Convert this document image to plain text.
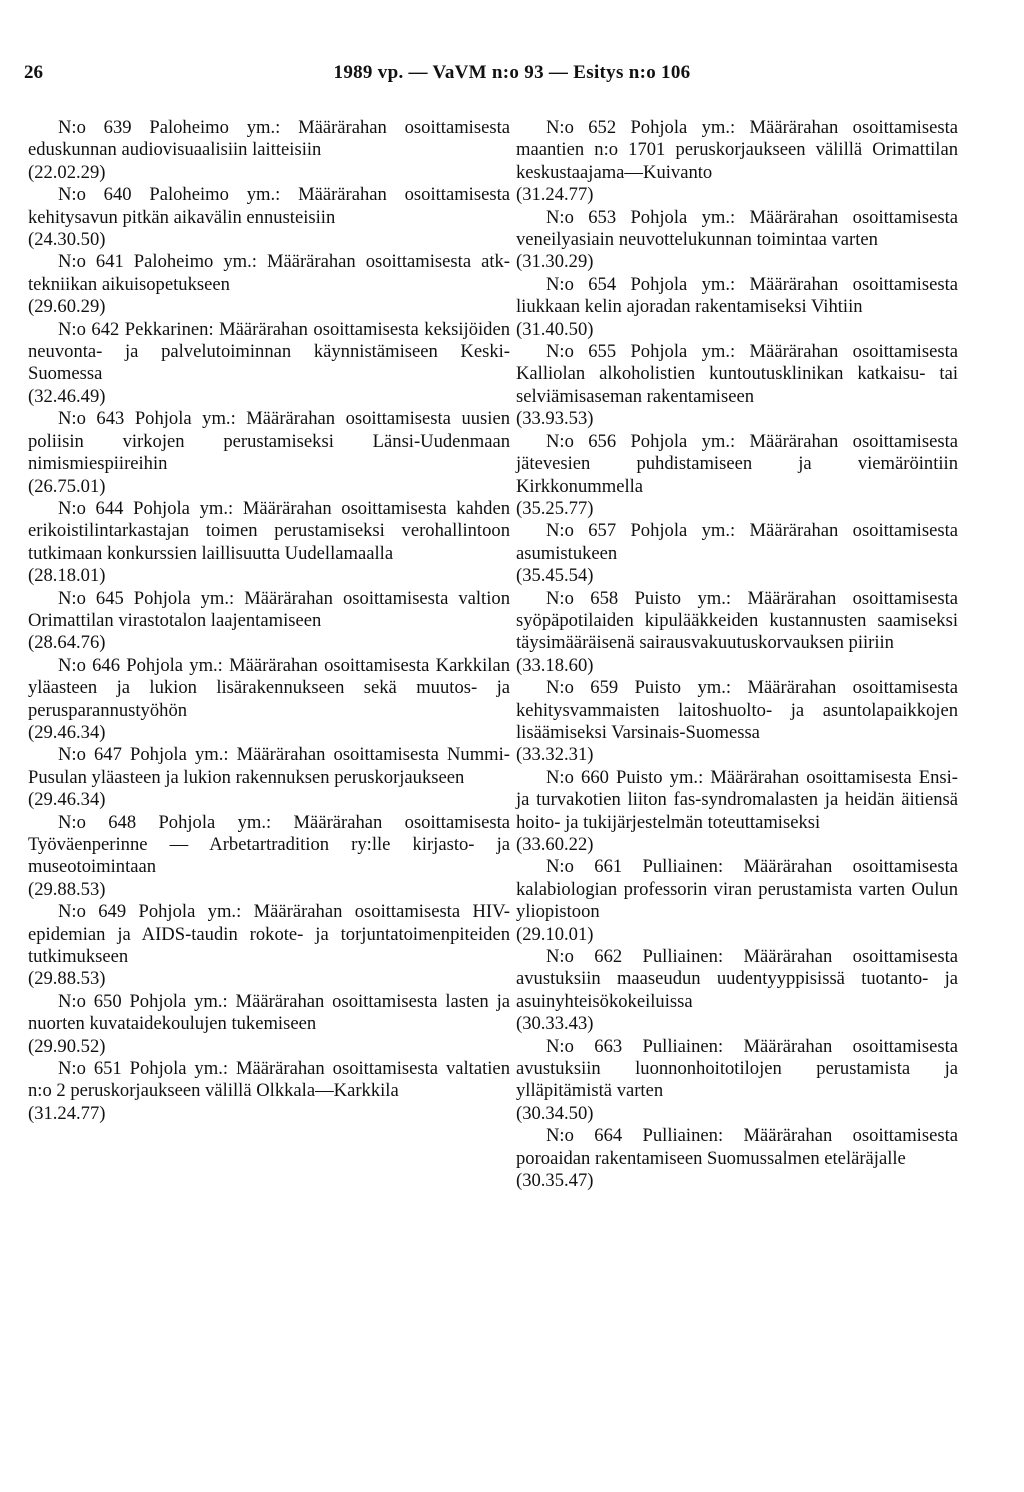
26	1989 vp. — VaVM n:o 93 — Esitys n:o 106

N:o 639 Paloheimo ym.: Määrärahan osoittamisesta eduskunnan audiovisuaalisiin laitteisiin

(22.02.29)

N:o 640 Paloheimo ym.: Määrärahan osoittamisesta kehitysavun pitkän aikavälin ennusteisiin

(24.30.50)

N:o 641 Paloheimo ym.: Määrärahan osoittamisesta atk-tekniikan aikuisopetukseen

(29.60.29)

N:o 642 Pekkarinen: Määrärahan osoittamisesta keksijöiden neuvonta- ja palvelutoiminnan käynnistämiseen Keski-Suomessa

(32.46.49)

N:o 643 Pohjola ym.: Määrärahan osoittamisesta uusien poliisin virkojen perustamiseksi Länsi-Uudenmaan nimismiespiireihin

(26.75.01)

N:o 644 Pohjola ym.: Määrärahan osoittamisesta kahden erikoistilintarkastajan toimen perustamiseksi verohallintoon tutkimaan konkurssien laillisuutta Uudellamaalla

(28.18.01)

N:o 645 Pohjola ym.: Määrärahan osoittamisesta valtion Orimattilan virastotalon laajentamiseen

(28.64.76)

N:o 646 Pohjola ym.: Määrärahan osoittamisesta Karkkilan yläasteen ja lukion lisärakennukseen sekä muutos- ja perusparannustyöhön

(29.46.34)

N:o 647 Pohjola ym.: Määrärahan osoittamisesta Nummi-Pusulan yläasteen ja lukion rakennuksen peruskorjaukseen

(29.46.34)

N:o 648 Pohjola ym.: Määrärahan osoittamisesta Työväenperinne — Arbetartradition ry:lle kirjasto- ja museotoimintaan

(29.88.53)

N:o 649 Pohjola ym.: Määrärahan osoittamisesta HIV-epidemian ja AIDS-taudin rokote- ja torjuntatoimenpiteiden tutkimukseen

(29.88.53)

N:o 650 Pohjola ym.: Määrärahan osoittamisesta lasten ja nuorten kuvataidekoulujen tukemiseen

(29.90.52)

N:o 651 Pohjola ym.: Määrärahan osoittamisesta valtatien n:o 2 peruskorjaukseen välillä Olkkala—Karkkila

(31.24.77)

N:o 652 Pohjola ym.: Määrärahan osoittamisesta maantien n:o 1701 peruskorjaukseen välillä Orimattilan keskustaajama—Kuivanto

(31.24.77)

N:o 653 Pohjola ym.: Määrärahan osoittamisesta veneilyasiain neuvottelukunnan toimintaa varten

(31.30.29)

N:o 654 Pohjola ym.: Määrärahan osoittamisesta liukkaan kelin ajoradan rakentamiseksi Vihtiin

(31.40.50)

N:o 655 Pohjola ym.: Määrärahan osoittamisesta Kalliolan alkoholistien kuntoutusklinikan katkaisu- tai selviämisaseman rakentamiseen

(33.93.53)

N:o 656 Pohjola ym.: Määrärahan osoittamisesta jätevesien puhdistamiseen ja viemäröintiin Kirkkonummella

(35.25.77)

N:o 657 Pohjola ym.: Määrärahan osoittamisesta asumistukeen

(35.45.54)

N:o 658 Puisto ym.: Määrärahan osoittamisesta syöpäpotilaiden kipulääkkeiden kustannusten saamiseksi täysimääräisenä sairausvakuutuskorvauksen piiriin

(33.18.60)

N:o 659 Puisto ym.: Määrärahan osoittamisesta kehitysvammaisten laitoshuolto- ja asuntolapaikkojen lisäämiseksi Varsinais-Suomessa

(33.32.31)

N:o 660 Puisto ym.: Määrärahan osoittamisesta Ensi- ja turvakotien liiton fas-syndromalasten ja heidän äitiensä hoito- ja tukijärjestelmän toteuttamiseksi

(33.60.22)

N:o 661 Pulliainen: Määrärahan osoittamisesta kalabiologian professorin viran perustamista varten Oulun yliopistoon

(29.10.01)

N:o 662 Pulliainen: Määrärahan osoittamisesta avustuksiin maaseudun uudentyyppisissä tuotanto- ja asuinyhteisökokeiluissa

(30.33.43)

N:o 663 Pulliainen: Määrärahan osoittamisesta avustuksiin luonnonhoitotilojen perustamista ja ylläpitämistä varten

(30.34.50)

N:o 664 Pulliainen: Määrärahan osoittamisesta poroaidan rakentamiseen Suomussalmen eteläräjalle

(30.35.47)
